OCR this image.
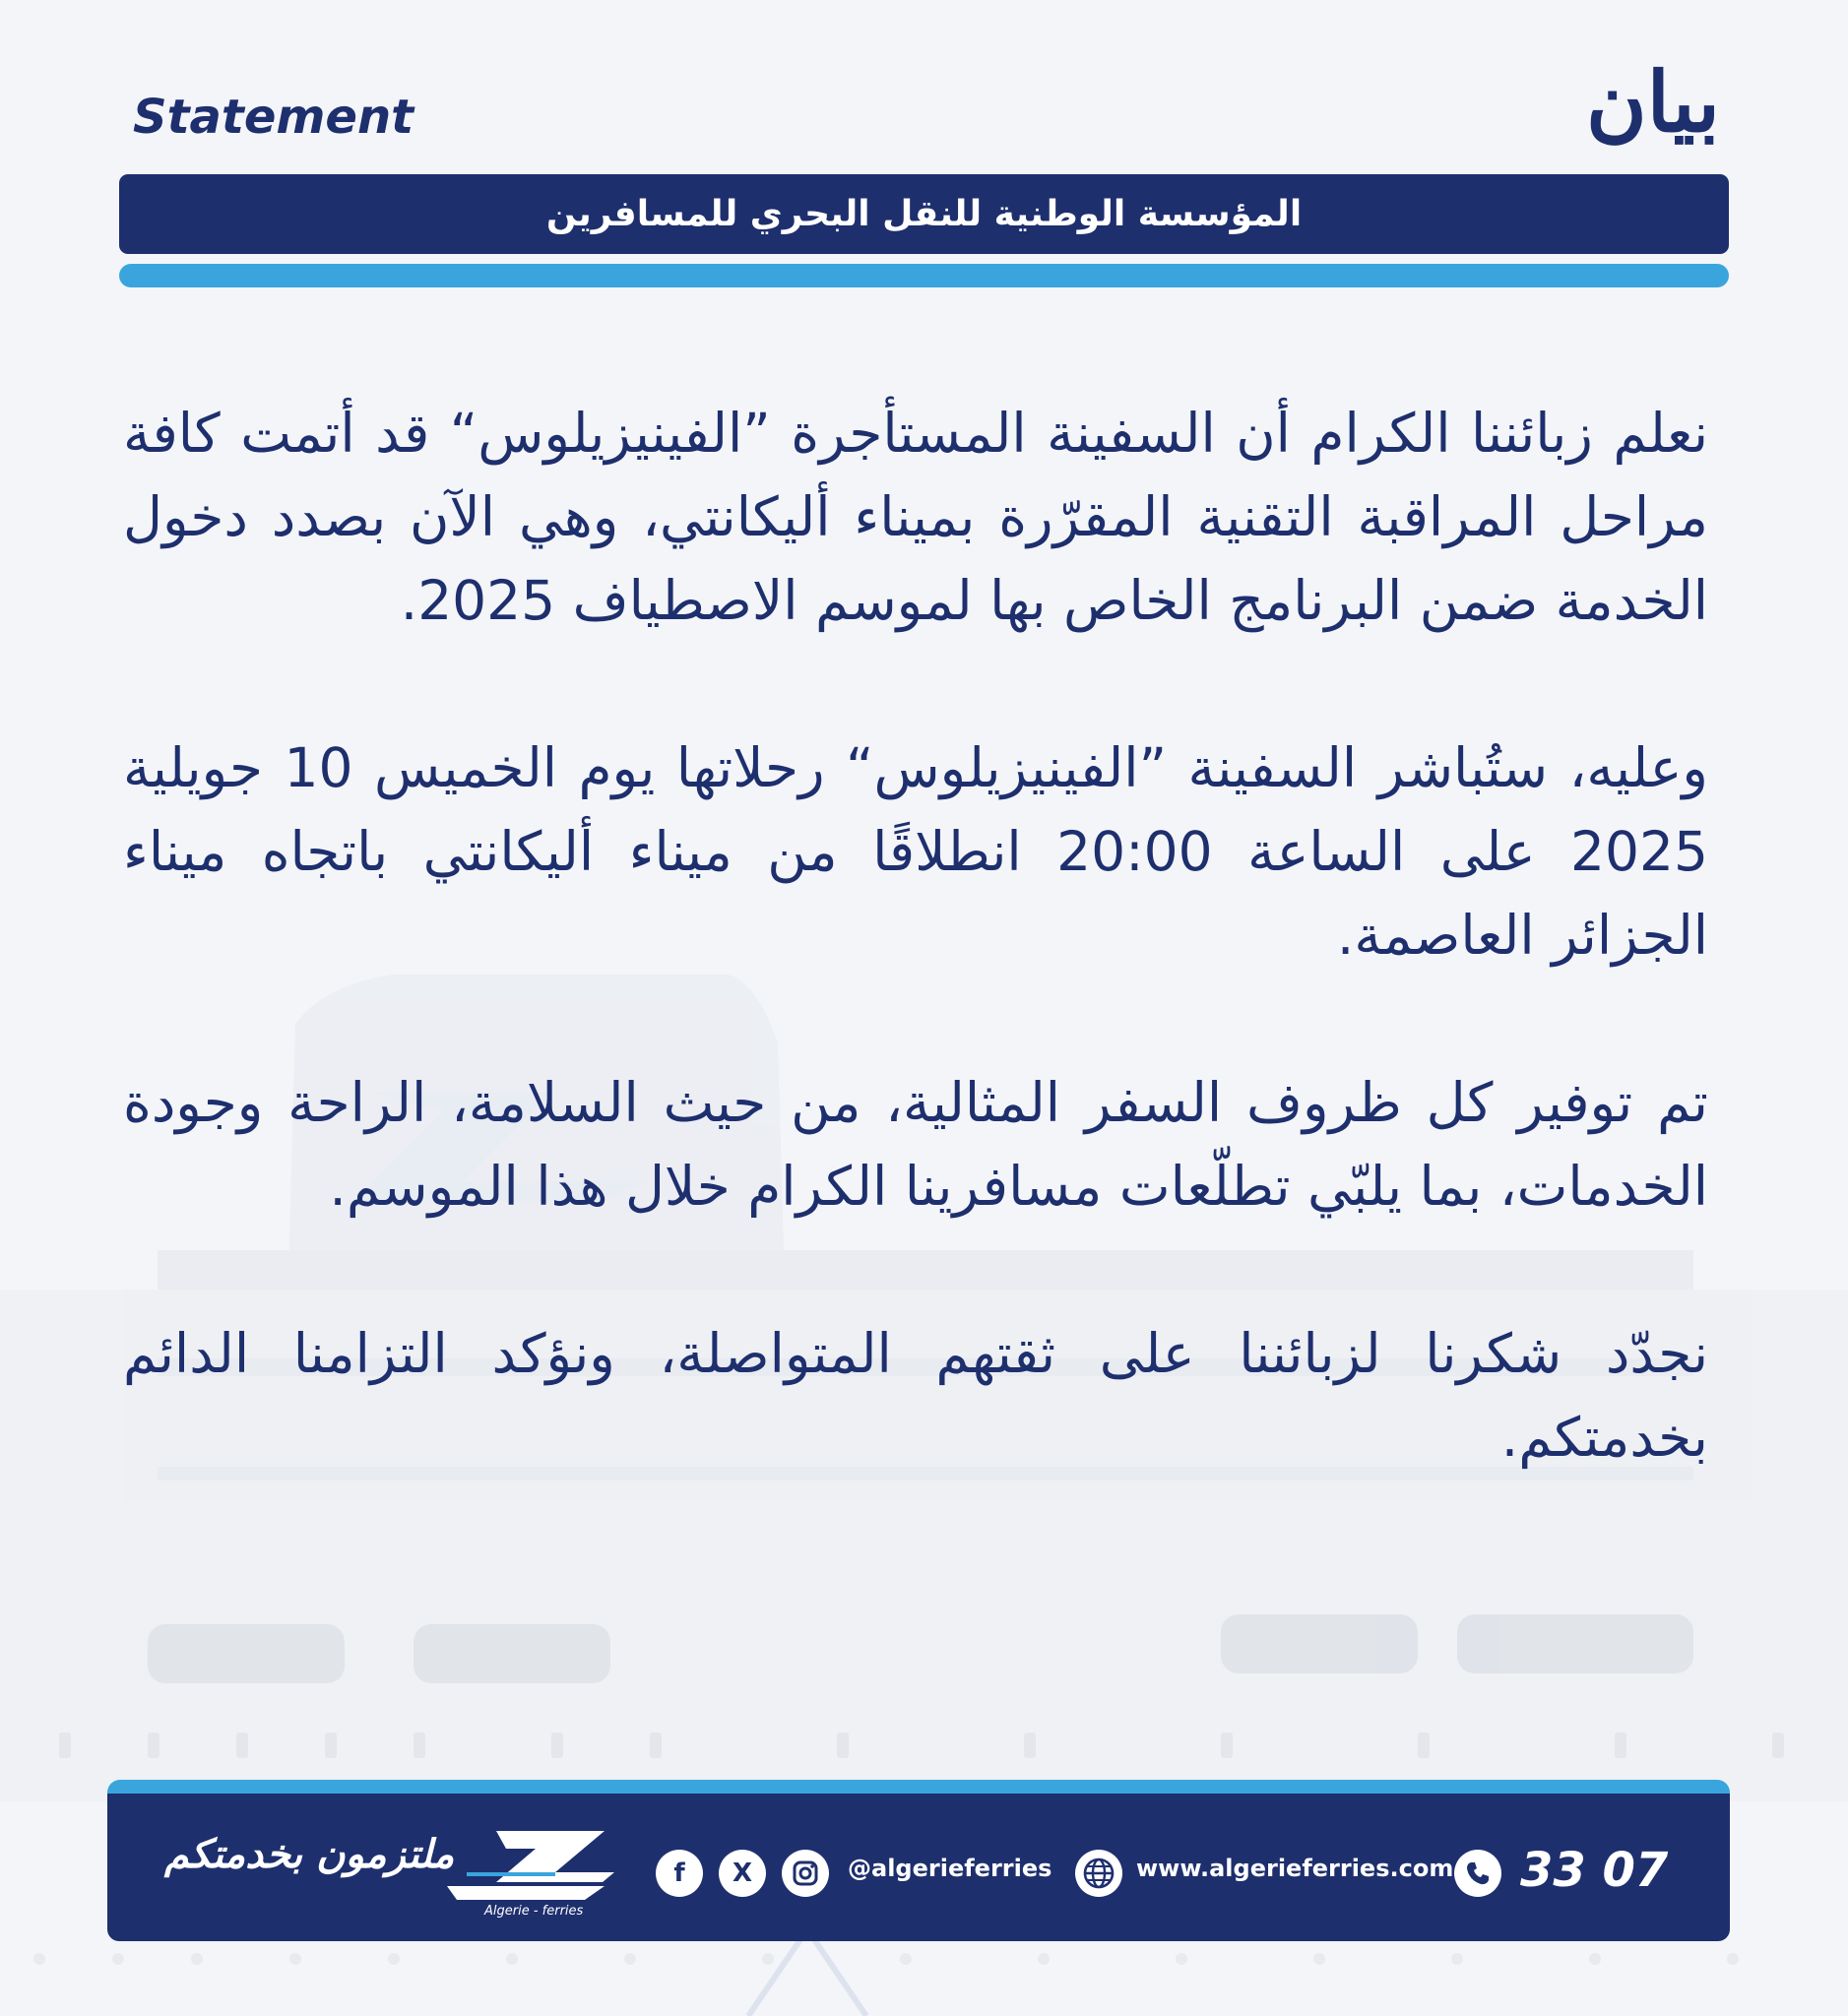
بيان
Statement
المؤسسة الوطنية للنقل البحري للمسافرين

نعلم زبائننا الكرام أن السفينة المستأجرة ”الفينيزيلوس“ قد أتمت كافة مراحل المراقبة التقنية المقرّرة بميناء أليكانتي، وهي الآن بصدد دخول الخدمة ضمن البرنامج الخاص بها لموسم الاصطياف 2025.

وعليه، ستُباشر السفينة ”الفينيزيلوس“ رحلاتها يوم الخميس 10 جويلية 2025 على الساعة 20:00 انطلاقًا من ميناء أليكانتي باتجاه ميناء الجزائر العاصمة.

تم توفير كل ظروف السفر المثالية، من حيث السلامة، الراحة وجودة الخدمات، بما يلبّي تطلّعات مسافرينا الكرام خلال هذا الموسم.

نجدّد شكرنا لزبائننا على ثقتهم المتواصلة، ونؤكد التزامنا الدائم بخدمتكم.

ملتزمون بخدمتكم
Algerie - ferries
f	X	@algerieferries	www.algerieferries.com 33 07
